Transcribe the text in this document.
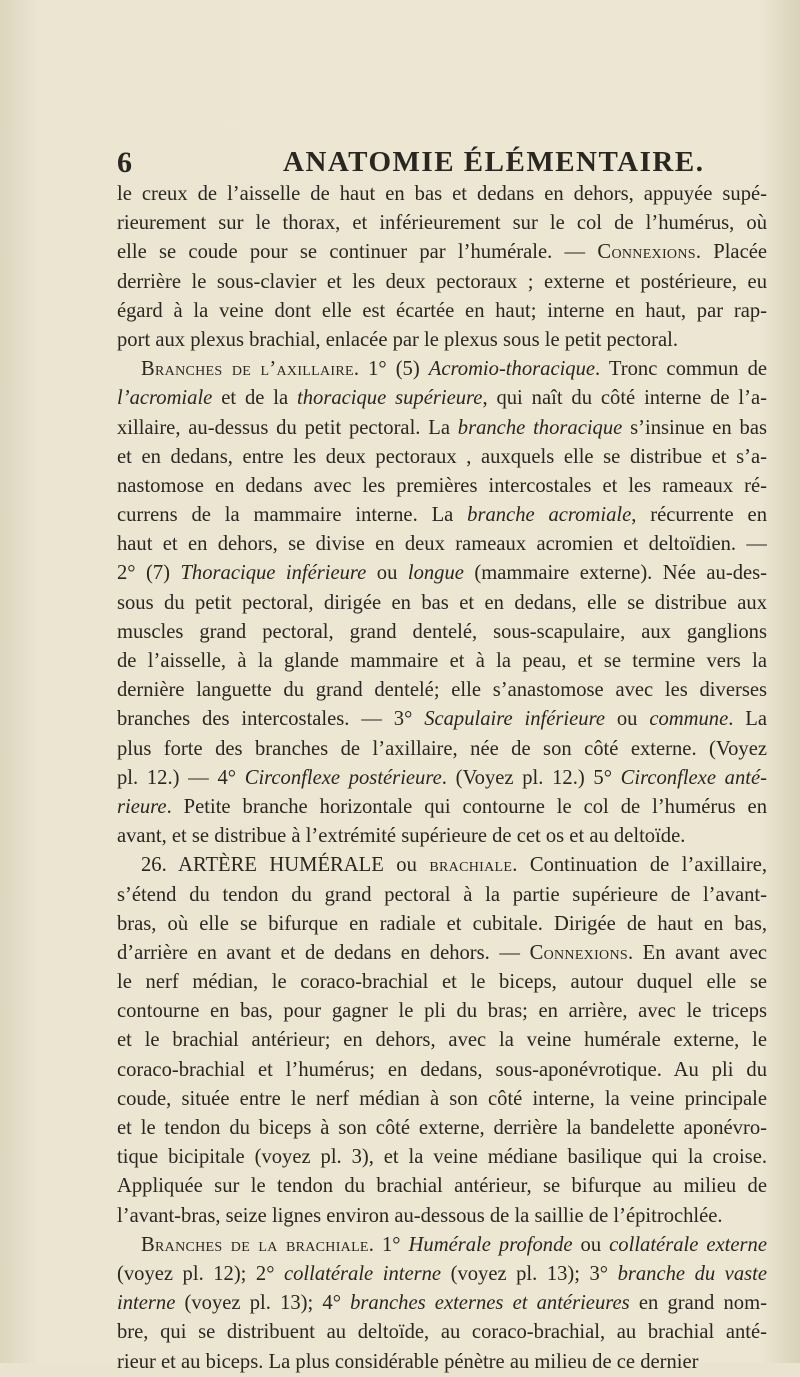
6	ANATOMIE ÉLÉMENTAIRE.
le creux de l’aisselle de haut en bas et dedans en dehors, appuyée supé-
rieurement sur le thorax, et inférieurement sur le col de l’humérus, où
elle se coude pour se continuer par l’humérale. — Connexions. Placée
derrière le sous-clavier et les deux pectoraux ; externe et postérieure, eu
égard à la veine dont elle est écartée en haut; interne en haut, par rap-
port aux plexus brachial, enlacée par le plexus sous le petit pectoral.
Branches de l’axillaire. 1° (5) Acromio-thoracique. Tronc commun de
l’acromiale et de la thoracique supérieure, qui naît du côté interne de l’a-
xillaire, au-dessus du petit pectoral. La branche thoracique s’insinue en bas
et en dedans, entre les deux pectoraux , auxquels elle se distribue et s’a-
nastomose en dedans avec les premières intercostales et les rameaux ré-
currens de la mammaire interne. La branche acromiale, récurrente en
haut et en dehors, se divise en deux rameaux acromien et deltoïdien. —
2° (7) Thoracique inférieure ou longue (mammaire externe). Née au-des-
sous du petit pectoral, dirigée en bas et en dedans, elle se distribue aux
muscles grand pectoral, grand dentelé, sous-scapulaire, aux ganglions
de l’aisselle, à la glande mammaire et à la peau, et se termine vers la
dernière languette du grand dentelé; elle s’anastomose avec les diverses
branches des intercostales. — 3° Scapulaire inférieure ou commune. La
plus forte des branches de l’axillaire, née de son côté externe. (Voyez
pl. 12.) — 4° Circonflexe postérieure. (Voyez pl. 12.) 5° Circonflexe anté-
rieure. Petite branche horizontale qui contourne le col de l’humérus en
avant, et se distribue à l’extrémité supérieure de cet os et au deltoïde.
26. ARTÈRE HUMÉRALE ou brachiale. Continuation de l’axillaire,
s’étend du tendon du grand pectoral à la partie supérieure de l’avant-
bras, où elle se bifurque en radiale et cubitale. Dirigée de haut en bas,
d’arrière en avant et de dedans en dehors. — Connexions. En avant avec
le nerf médian, le coraco-brachial et le biceps, autour duquel elle se
contourne en bas, pour gagner le pli du bras; en arrière, avec le triceps
et le brachial antérieur; en dehors, avec la veine humérale externe, le
coraco-brachial et l’humérus; en dedans, sous-aponévrotique. Au pli du
coude, située entre le nerf médian à son côté interne, la veine principale
et le tendon du biceps à son côté externe, derrière la bandelette aponévro-
tique bicipitale (voyez pl. 3), et la veine médiane basilique qui la croise.
Appliquée sur le tendon du brachial antérieur, se bifurque au milieu de
l’avant-bras, seize lignes environ au-dessous de la saillie de l’épitrochlée.
Branches de la brachiale. 1° Humérale profonde ou collatérale externe
(voyez pl. 12); 2° collatérale interne (voyez pl. 13); 3° branche du vaste
interne (voyez pl. 13); 4° branches externes et antérieures en grand nom-
bre, qui se distribuent au deltoïde, au coraco-brachial, au brachial anté-
rieur et au biceps. La plus considérable pénètre au milieu de ce dernier
